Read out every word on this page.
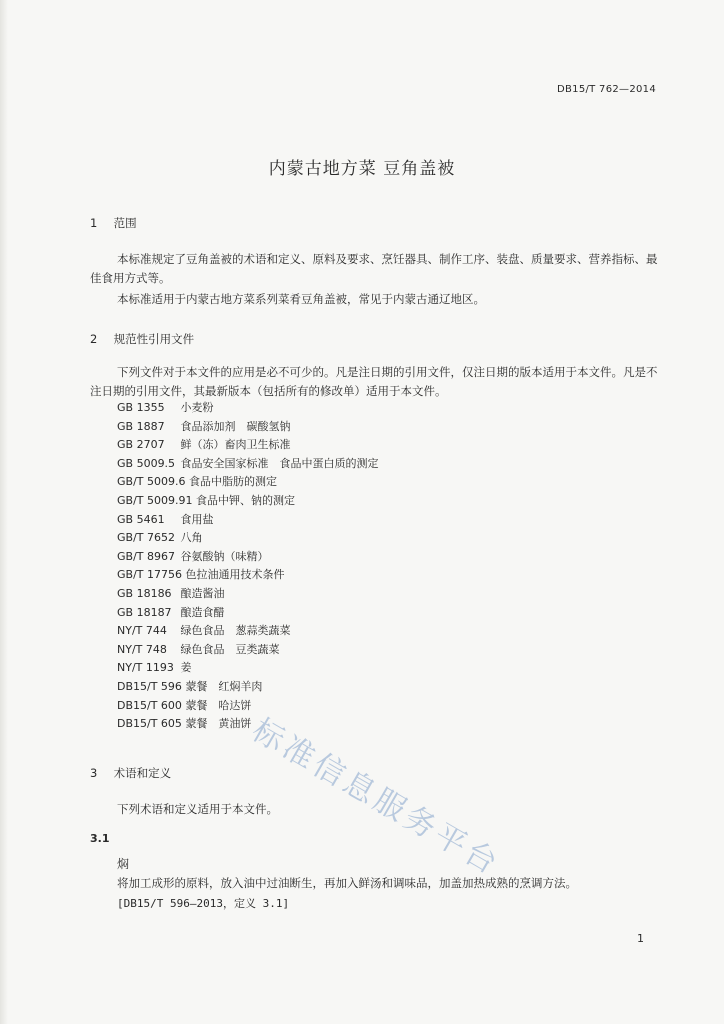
DB15/T 762—2014
内蒙古地方菜 豆角盖被
1 范围
本标准规定了豆角盖被的术语和定义、原料及要求、烹饪器具、制作工序、装盘、质量要求、营养指标、最佳食用方式等。
本标准适用于内蒙古地方菜系列菜肴豆角盖被，常见于内蒙古通辽地区。
2 规范性引用文件
下列文件对于本文件的应用是必不可少的。凡是注日期的引用文件，仅注日期的版本适用于本文件。凡是不注日期的引用文件，其最新版本（包括所有的修改单）适用于本文件。
GB 1355 小麦粉
GB 1887 食品添加剂　碳酸氢钠
GB 2707 鲜（冻）畜肉卫生标准
GB 5009.5 食品安全国家标准　食品中蛋白质的测定
GB/T 5009.6 食品中脂肪的测定
GB/T 5009.91 食品中钾、钠的测定
GB 5461 食用盐
GB/T 7652 八角
GB/T 8967 谷氨酸钠（味精）
GB/T 17756 色拉油通用技术条件
GB 18186 酿造酱油
GB 18187 酿造食醋
NY/T 744 绿色食品　葱蒜类蔬菜
NY/T 748 绿色食品　豆类蔬菜
NY/T 1193 姜
DB15/T 596 蒙餐　红焖羊肉
DB15/T 600 蒙餐　哈达饼
DB15/T 605 蒙餐　黄油饼
3 术语和定义
下列术语和定义适用于本文件。
3.1
焖
将加工成形的原料，放入油中过油断生，再加入鲜汤和调味品，加盖加热成熟的烹调方法。
[DB15/T 596—2013，定义 3.1]
标准信息服务平台
1
